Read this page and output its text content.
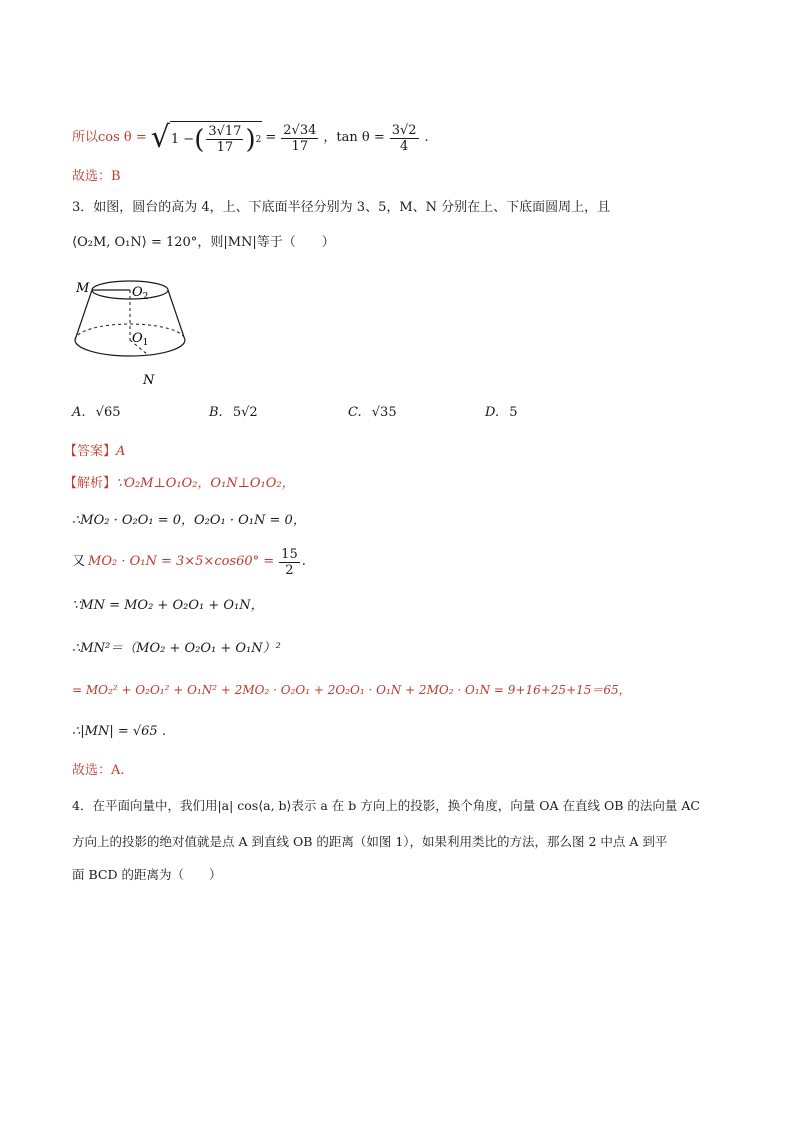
所以 cos θ = √ 1 − ( $\frac{3√17}{17}$ ) $2 = \frac{2√34}{17}$ ，$\tan \theta = \frac{3√2}{4}$ .
故选：B
3．如图，圆台的高为 4，上、下底面半径分别为 3、5，M、N 分别在上、下底面圆周上，且
⟨O₂M, O₁N⟩ = 120°，则|MN|等于（　　）
M	$O_2$
$O_1$
N
A. √65	B. 5√2	C. √35	D. 5
【答案】A
【解析】∵O₂M⊥O₁O₂，O₁N⊥O₁O₂，
∴MO₂ · O₂O₁ = 0，O₂O₁ · O₁N = 0，
又 $MO_2 \cdot O_1N = 3\times 5\times\cos 60^\circ = \frac{15}{2}$ .
∵MN = MO₂ + O₂O₁ + O₁N，
∴MN²＝（MO₂ + O₂O₁ + O₁N）²
= MO₂² + O₂O₁² + O₁N² + 2MO₂ · O₂O₁ + 2O₂O₁ · O₁N + 2MO₂ · O₁N = 9+16+25+15＝65，
∴|MN| = √65 .
故选：A.
4．在平面向量中，我们用|a| cos⟨a, b⟩表示 a 在 b 方向上的投影，换个角度，向量 OA 在直线 OB 的法向量 AC
方向上的投影的绝对值就是点 A 到直线 OB 的距离（如图 1），如果利用类比的方法，那么图 2 中点 A 到平
面 BCD 的距离为（　　）
